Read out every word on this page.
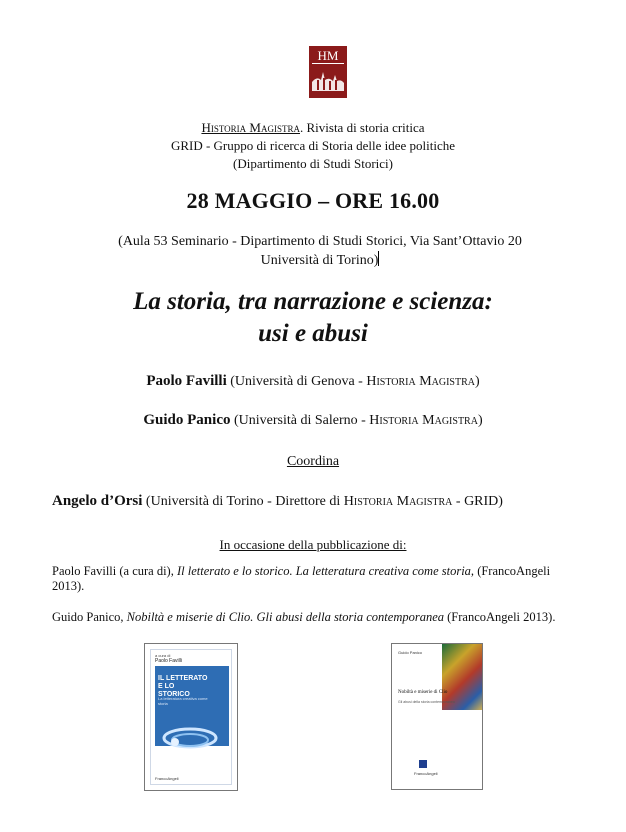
HM
Historia Magistra. Rivista di storia critica
GRID - Gruppo di ricerca di Storia delle idee politiche
(Dipartimento di Studi Storici)
28 MAGGIO – ORE 16.00
(Aula 53 Seminario - Dipartimento di Studi Storici, Via Sant’Ottavio 20
Università di Torino)
La storia, tra narrazione e scienza:
usi e abusi
Paolo Favilli (Università di Genova - Historia Magistra)
Guido Panico (Università di Salerno - Historia Magistra)
Coordina
Angelo d’Orsi (Università di Torino - Direttore di Historia Magistra - GRID)
In occasione della pubblicazione di:
Paolo Favilli (a cura di), Il letterato e lo storico. La letteratura creativa come storia, (FrancoAngeli 2013).
Guido Panico, Nobiltà e miserie di Clio. Gli abusi della storia contemporanea (FrancoAngeli 2013).
a cura di
Paolo Favilli
IL LETTERATO E LO STORICO
La letteratura creativa come storia
FrancoAngeli
Guido Panico
Nobiltà e miserie di Clio
Gli abusi della storia contemporanea
FrancoAngeli
